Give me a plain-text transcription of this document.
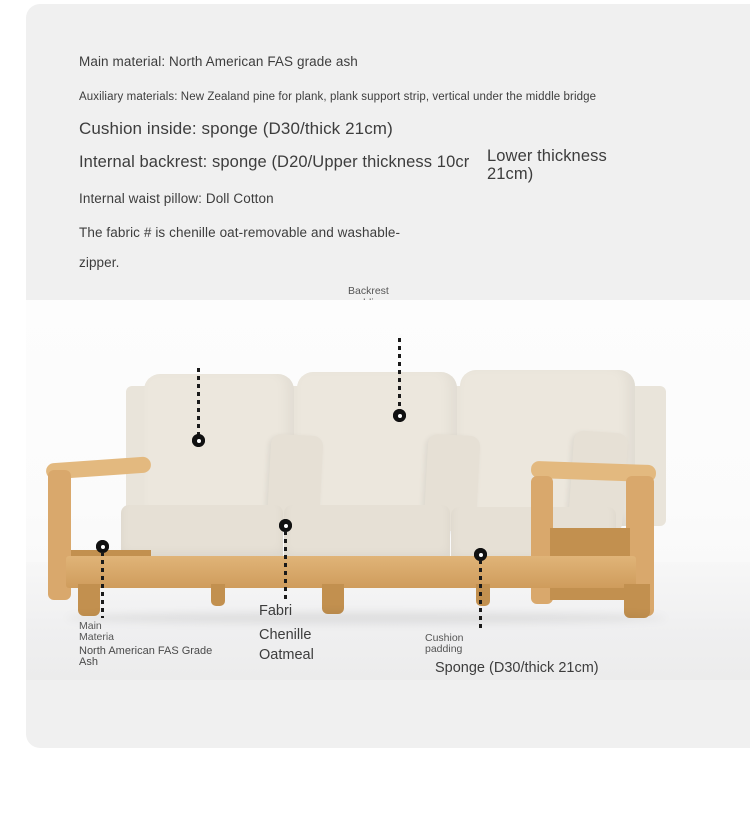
Main material: North American FAS grade ash
Auxiliary materials: New Zealand pine for plank, plank support strip, vertical under the middle bridge
Cushion inside: sponge (D30/thick 21cm)
Internal backrest: sponge (D20/Upper thickness 10cr Lower thickness
21cm)
Internal waist pillow: Doll Cotton
The fabric # is chenille oat-removable and washable-
zipper.
Backrest
Main
Materia
North American FAS Grade
Ash
Fabri
Chenille
Oatmeal
Cushion
padding
Sponge (D30/thick 21cm)
